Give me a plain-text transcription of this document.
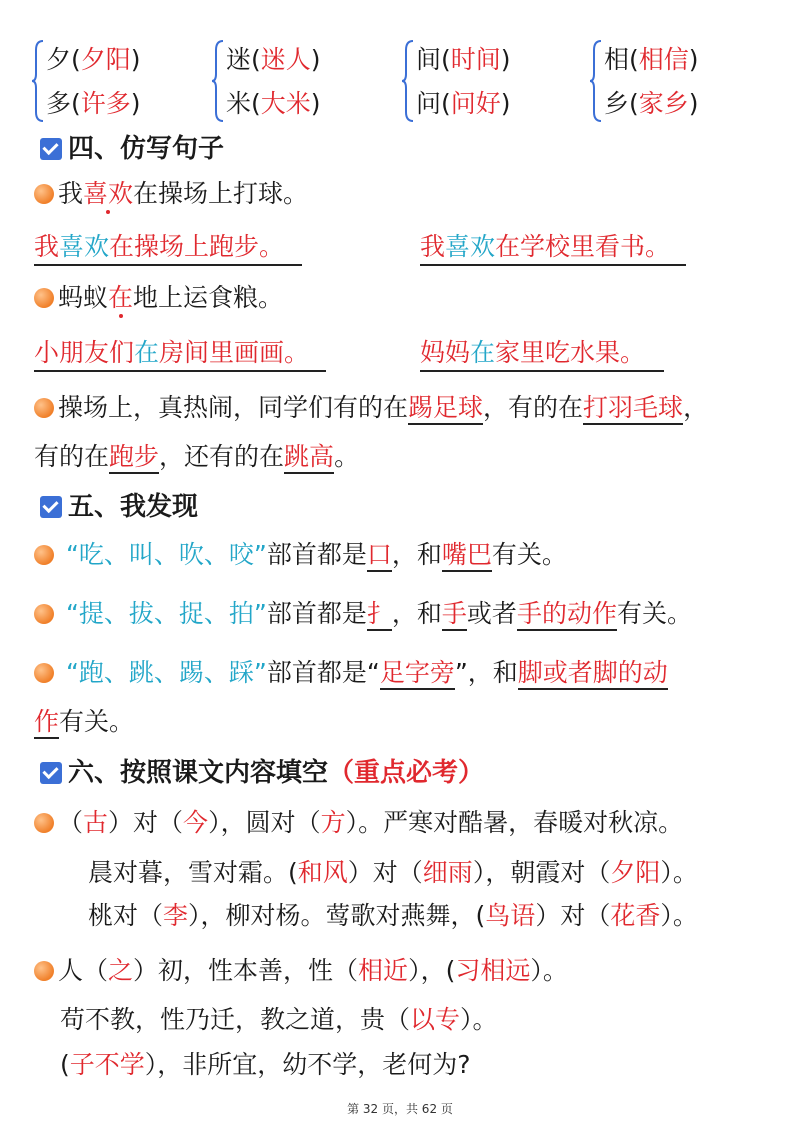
夕(夕阳)
多(许多)
迷(迷人)
米(大米)
间(时间)
问(问好)
相(相信)
乡(家乡)
四、仿写句子
我喜欢在操场上打球。
我喜欢在操场上跑步。	我喜欢在学校里看书。
蚂蚁在地上运食粮。
小朋友们在房间里画画。	妈妈在家里吃水果。
操场上，真热闹，同学们有的在踢足球，有的在打羽毛球，
有的在跑步，还有的在跳高。
五、我发现
“吃、叫、吹、咬”部首都是口，和嘴巴有关。
“提、拔、捉、拍”部首都是扌，和手或者手的动作有关。
“跑、跳、踢、踩”部首都是“足字旁”，和脚或者脚的动
作有关。
六、按照课文内容填空（重点必考）
（古）对（今），圆对（方）。严寒对酷暑，春暖对秋凉。
晨对暮，雪对霜。(和风）对（细雨），朝霞对（夕阳）。
桃对（李），柳对杨。莺歌对燕舞，(鸟语）对（花香）。
人（之）初，性本善，性（相近），(习相远）。
苟不教，性乃迁，教之道，贵（以专）。
(子不学），非所宜，幼不学，老何为?
第 32 页，共 62 页
